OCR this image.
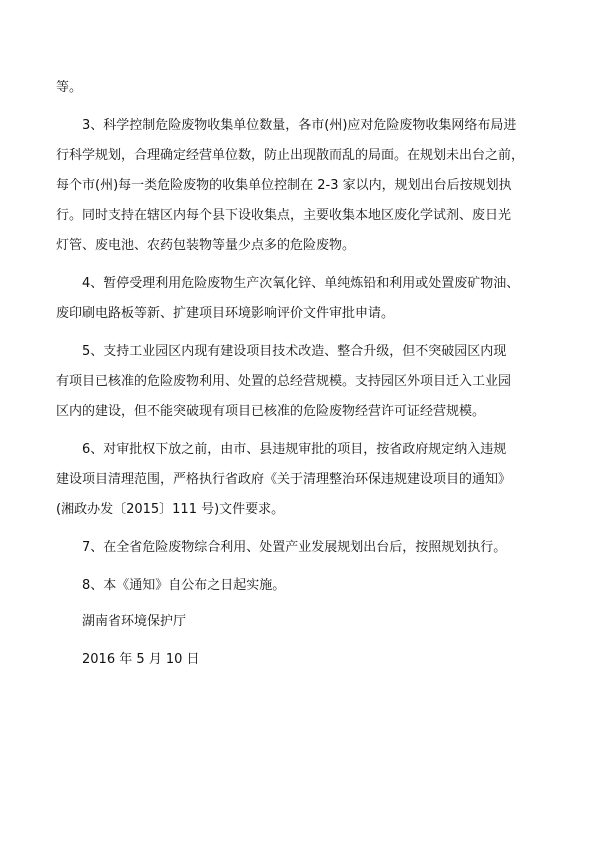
等。
3、科学控制危险废物收集单位数量，各市(州)应对危险废物收集网络布局进
行科学规划，合理确定经营单位数，防止出现散而乱的局面。在规划未出台之前，
每个市(州)每一类危险废物的收集单位控制在 2-3 家以内，规划出台后按规划执
行。同时支持在辖区内每个县下设收集点，主要收集本地区废化学试剂、废日光
灯管、废电池、农药包装物等量少点多的危险废物。
4、暂停受理利用危险废物生产次氧化锌、单纯炼铅和利用或处置废矿物油、
废印刷电路板等新、扩建项目环境影响评价文件审批申请。
5、支持工业园区内现有建设项目技术改造、整合升级，但不突破园区内现
有项目已核准的危险废物利用、处置的总经营规模。支持园区外项目迁入工业园
区内的建设，但不能突破现有项目已核准的危险废物经营许可证经营规模。
6、对审批权下放之前，由市、县违规审批的项目，按省政府规定纳入违规
建设项目清理范围，严格执行省政府《关于清理整治环保违规建设项目的通知》
(湘政办发〔2015〕111 号)文件要求。
7、在全省危险废物综合利用、处置产业发展规划出台后，按照规划执行。
8、本《通知》自公布之日起实施。
湖南省环境保护厅
2016 年 5 月 10 日
